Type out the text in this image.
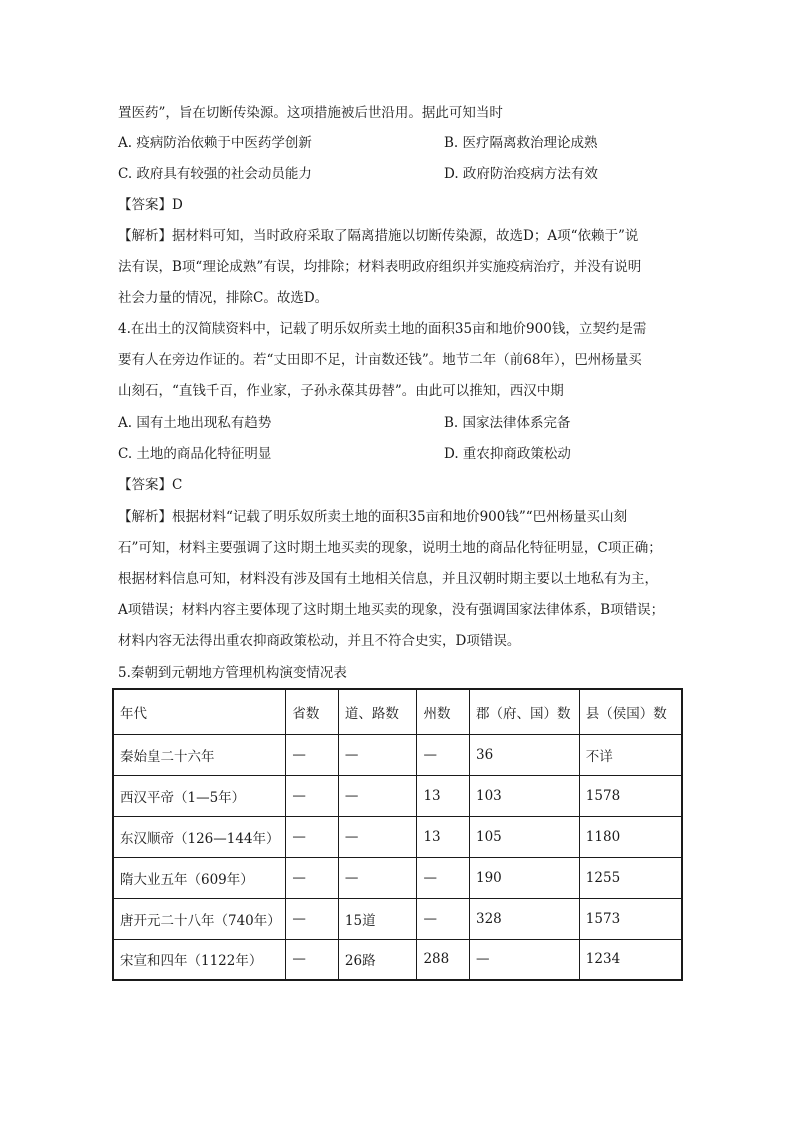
置医药”，旨在切断传染源。这项措施被后世沿用。据此可知当时
A. 疫病防治依赖于中医药学创新	B. 医疗隔离救治理论成熟
C. 政府具有较强的社会动员能力	D. 政府防治疫病方法有效
【答案】D
【解析】据材料可知，当时政府采取了隔离措施以切断传染源，故选D；A项“依赖于”说
法有误，B项“理论成熟”有误，均排除；材料表明政府组织并实施疫病治疗，并没有说明
社会力量的情况，排除C。故选D。
4.在出土的汉简牍资料中，记载了明乐奴所卖土地的面积35亩和地价900钱，立契约是需
要有人在旁边作证的。若“丈田即不足，计亩数还钱”。地节二年（前68年），巴州杨量买
山刻石，“直钱千百，作业家，子孙永葆其毋替”。由此可以推知，西汉中期
A. 国有土地出现私有趋势	B. 国家法律体系完备
C. 土地的商品化特征明显	D. 重农抑商政策松动
【答案】C
【解析】根据材料“记载了明乐奴所卖土地的面积35亩和地价900钱”“巴州杨量买山刻
石”可知，材料主要强调了这时期土地买卖的现象，说明土地的商品化特征明显，C项正确；
根据材料信息可知，材料没有涉及国有土地相关信息，并且汉朝时期主要以土地私有为主，
A项错误；材料内容主要体现了这时期土地买卖的现象，没有强调国家法律体系，B项错误；
材料内容无法得出重农抑商政策松动，并且不符合史实，D项错误。
5.秦朝到元朝地方管理机构演变情况表
年代	省数	道、路数	州数	郡（府、国）数	县（侯国）数
秦始皇二十六年	—	—	—	36	不详
西汉平帝（1—5年）	—	—	13	103	1578
东汉顺帝（126—144年）	—	—	13	105	1180
隋大业五年（609年）	—	—	—	190	1255
唐开元二十八年（740年）	—	15道	—	328	1573
宋宣和四年（1122年）	—	26路	288	—	1234
